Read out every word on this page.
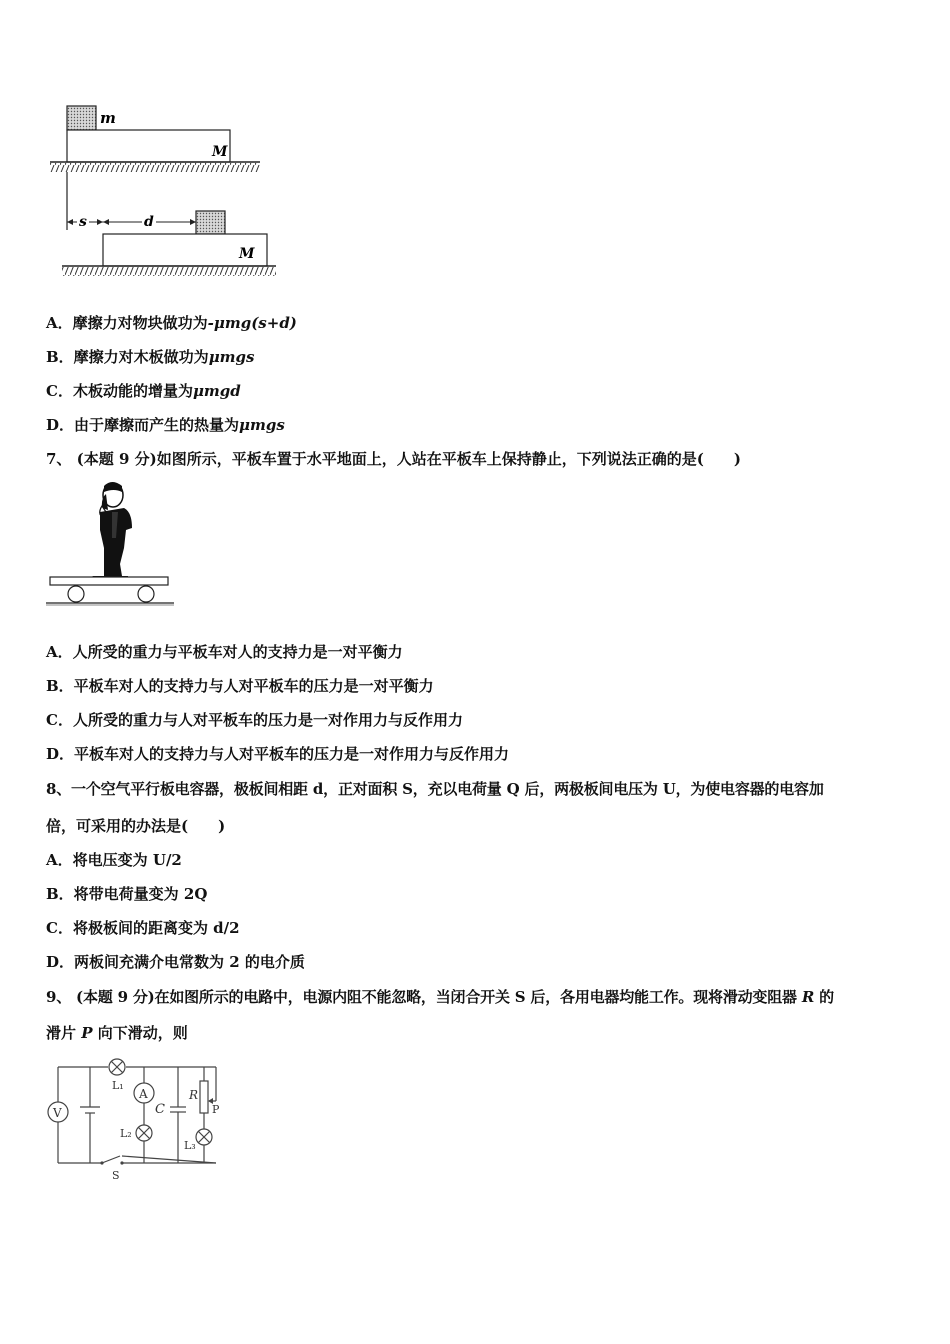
m
M
s	d
M
A．摩擦力对物块做功为-μmg(s+d)
B．摩擦力对木板做功为μmgs
C．木板动能的增量为μmgd
D．由于摩擦而产生的热量为μmgs
7、 (本题 9 分)如图所示，平板车置于水平地面上，人站在平板车上保持静止，下列说法正确的是(　　)
A．人所受的重力与平板车对人的支持力是一对平衡力
B．平板车对人的支持力与人对平板车的压力是一对平衡力
C．人所受的重力与人对平板车的压力是一对作用力与反作用力
D．平板车对人的支持力与人对平板车的压力是一对作用力与反作用力
8、一个空气平行板电容器，极板间相距 d，正对面积 S，充以电荷量 Q 后，两极板间电压为 U，为使电容器的电容加
倍，可采用的办法是(　　)
A．将电压变为 U/2
B．将带电荷量变为 2Q
C．将极板间的距离变为 d/2
D．两板间充满介电常数为 2 的电介质
9、 (本题 9 分)在如图所示的电路中，电源内阻不能忽略，当闭合开关 S 后，各用电器均能工作。现将滑动变阻器 R 的
滑片 P 向下滑动，则
V
L₁
A
L₂
C
R
P
L₃
S
